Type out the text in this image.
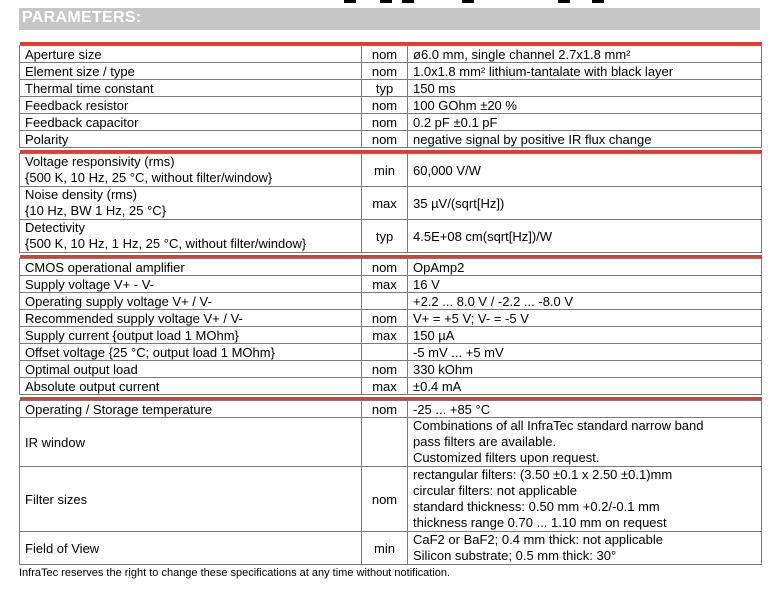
PARAMETERS:

Aperture size	nom	ø6.0 mm, single channel 2.7x1.8 mm²
Element size / type	nom	1.0x1.8 mm² lithium-tantalate with black layer
Thermal time constant	typ	150 ms
Feedback resistor	nom	100 GOhm ±20 %
Feedback capacitor	nom	0.2 pF ±0.1 pF
Polarity	nom	negative signal by positive IR flux change

Voltage responsivity (rms)
{500 K, 10 Hz, 25 °C, without filter/window}	min	60,000 V/W
Noise density (rms)
{10 Hz, BW 1 Hz, 25 °C}	max	35 µV/(sqrt[Hz])
Detectivity
{500 K, 10 Hz, 1 Hz, 25 °C, without filter/window}	typ	4.5E+08 cm(sqrt[Hz])/W

CMOS operational amplifier	nom	OpAmp2
Supply voltage V+ - V-	max	16 V
Operating supply voltage V+ / V-		+2.2 ... 8.0 V / -2.2 ... -8.0 V
Recommended supply voltage V+ / V-	nom	V+ = +5 V; V- = -5 V
Supply current {output load 1 MOhm}	max	150 µA
Offset voltage {25 °C; output load 1 MOhm}		-5 mV ... +5 mV
Optimal output load	nom	330 kOhm
Absolute output current	max	±0.4 mA

Operating / Storage temperature	nom	-25 ... +85 °C
IR window		Combinations of all InfraTec standard narrow band
pass filters are available.
Customized filters upon request.
Filter sizes	nom	rectangular filters: (3.50 ±0.1 x 2.50 ±0.1)mm
circular filters: not applicable
standard thickness: 0.50 mm +0.2/-0.1 mm
thickness range 0.70 ... 1.10 mm on request
Field of View	min	CaF2 or BaF2; 0.4 mm thick: not applicable
Silicon substrate; 0.5 mm thick: 30°
InfraTec reserves the right to change these specifications at any time without notification.
